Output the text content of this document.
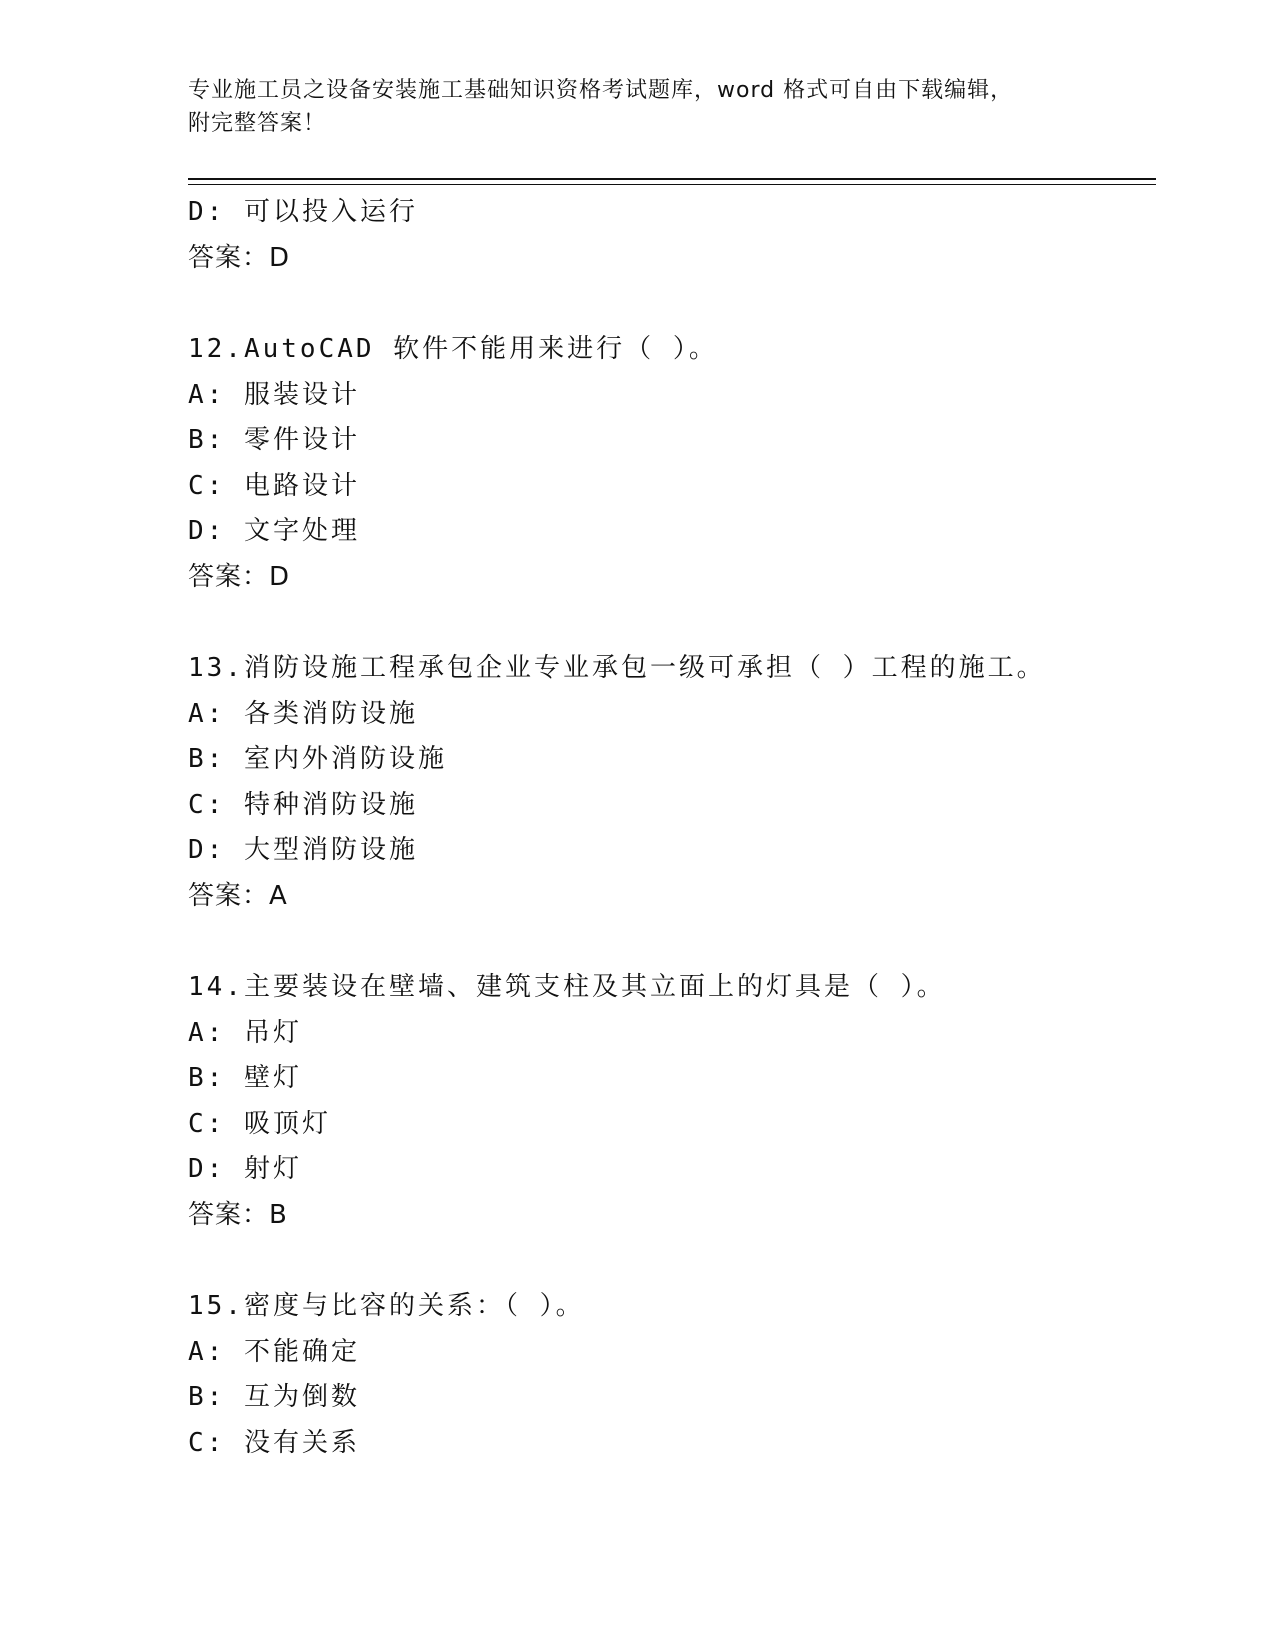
专业施工员之设备安装施工基础知识资格考试题库，word 格式可自由下载编辑，
附完整答案！
D: 可以投入运行
答案：D
12.AutoCAD 软件不能用来进行（ ）。
A: 服装设计
B: 零件设计
C: 电路设计
D: 文字处理
答案：D
13.消防设施工程承包企业专业承包一级可承担（ ）工程的施工。
A: 各类消防设施
B: 室内外消防设施
C: 特种消防设施
D: 大型消防设施
答案：A
14.主要装设在壁墙、建筑支柱及其立面上的灯具是（ ）。
A: 吊灯
B: 壁灯
C: 吸顶灯
D: 射灯
答案：B
15.密度与比容的关系：（ ）。
A: 不能确定
B: 互为倒数
C: 没有关系
